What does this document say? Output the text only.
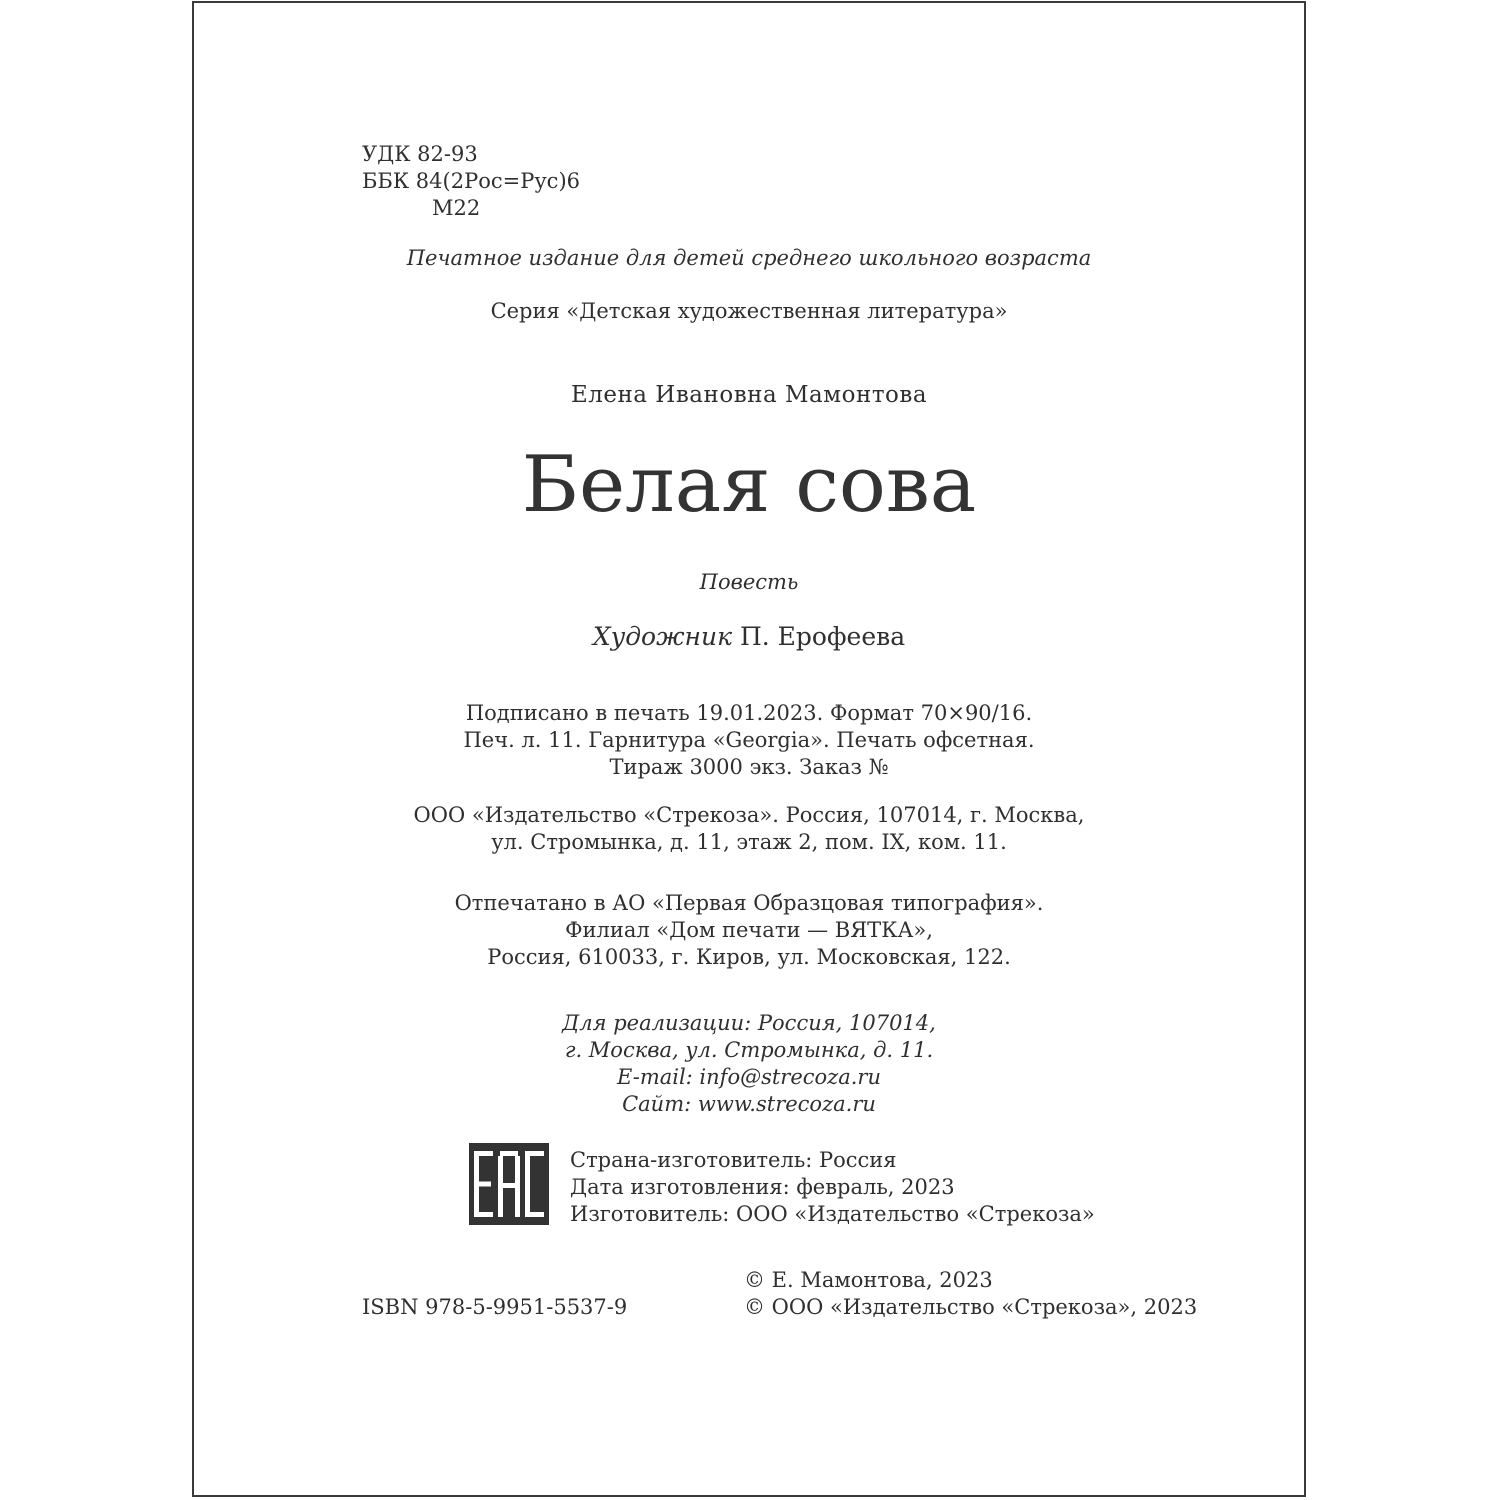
УДК 82-93
ББК 84(2Рос=Рус)6
М22
Печатное издание для детей среднего школьного возраста
Серия «Детская художественная литература»
Елена Ивановна Мамонтова
Белая сова
Повесть
Художник П. Ерофеева
Подписано в печать 19.01.2023. Формат 70×90/16.
Печ. л. 11. Гарнитура «Georgia». Печать офсетная.
Тираж 3000 экз. Заказ №
ООО «Издательство «Стрекоза». Россия, 107014, г. Москва,
ул. Стромынка, д. 11, этаж 2, пом. IX, ком. 11.
Отпечатано в АО «Первая Образцовая типография».
Филиал «Дом печати — ВЯТКА»,
Россия, 610033, г. Киров, ул. Московская, 122.
Для реализации: Россия, 107014,
г. Москва, ул. Стромынка, д. 11.
E-mail: info@strecoza.ru
Сайт: www.strecoza.ru
Страна-изготовитель: Россия
Дата изготовления: февраль, 2023
Изготовитель: ООО «Издательство «Стрекоза»
ISBN 978-5-9951-5537-9
© Е. Мамонтова, 2023
© ООО «Издательство «Стрекоза», 2023
